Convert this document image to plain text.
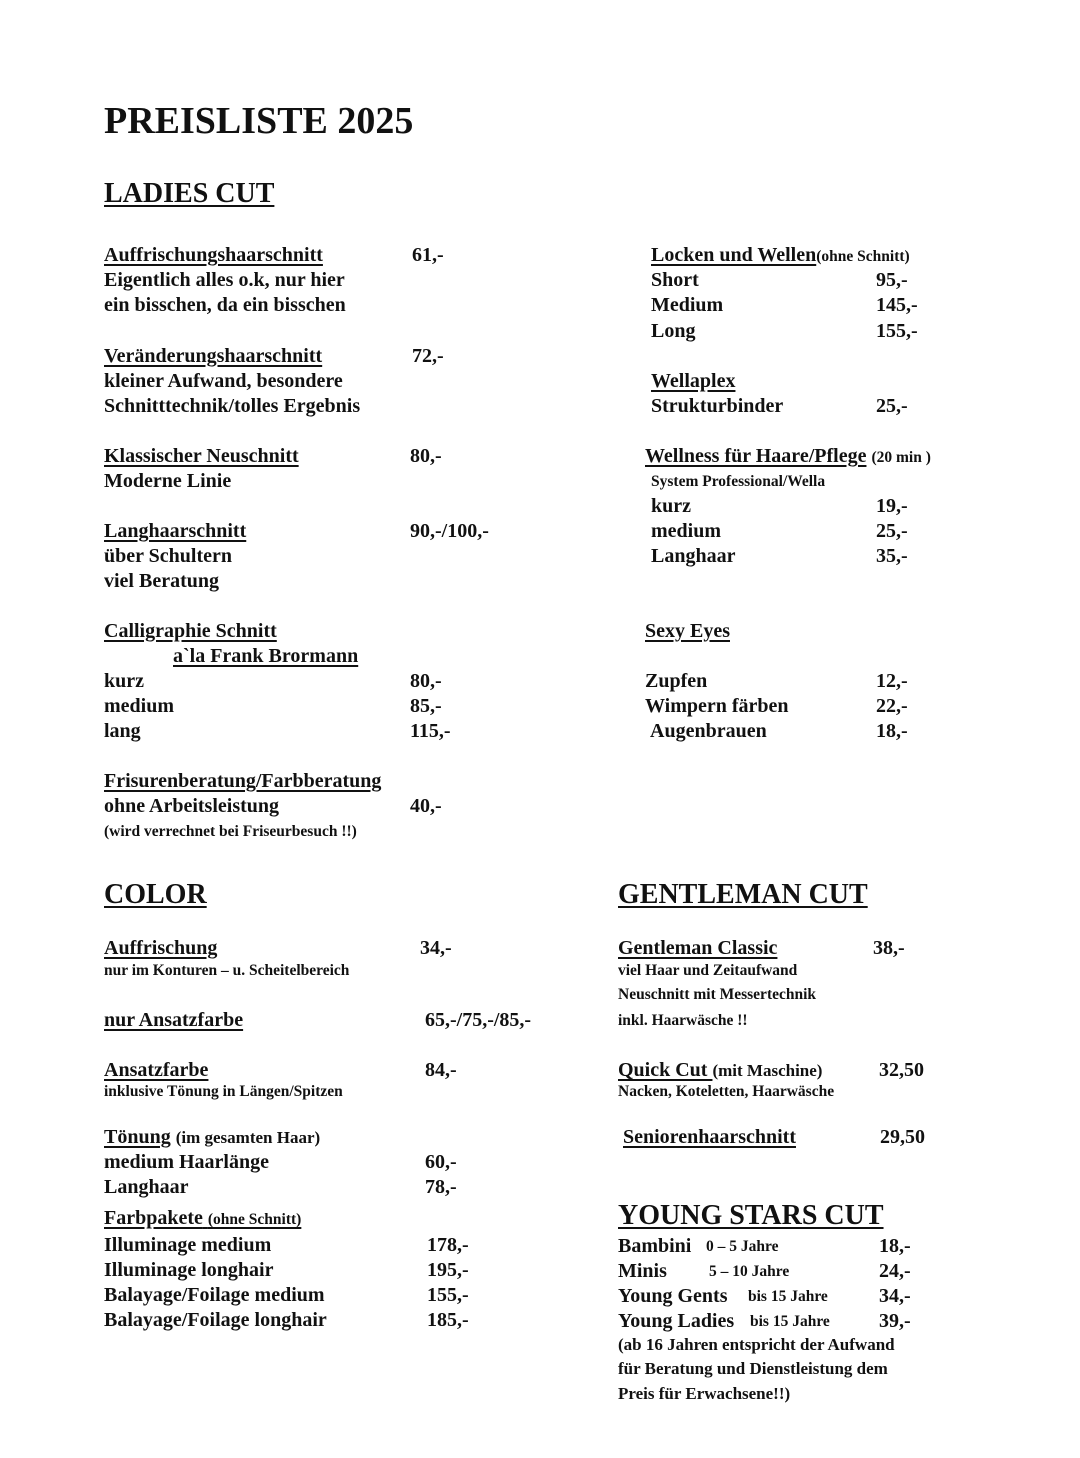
PREISLISTE 2025
LADIES CUT
Auffrischungshaarschnitt	61,-
Eigentlich alles o.k, nur hier
ein bisschen, da ein bisschen
Veränderungshaarschnitt	72,-
kleiner Aufwand, besondere
Schnitttechnik/tolles Ergebnis
Klassischer Neuschnitt	80,-
Moderne Linie
Langhaarschnitt	90,-/100,-
über Schultern
viel Beratung
Calligraphie Schnitt
a`la Frank Brormann
kurz	80,-
medium	85,-
lang	115,-
Frisurenberatung/Farbberatung
ohne Arbeitsleistung	40,-
(wird verrechnet bei Friseurbesuch !!)
Locken und Wellen(ohne Schnitt)
Short	95,-
Medium	145,-
Long	155,-
Wellaplex
Strukturbinder	25,-
Wellness für Haare/Pflege (20 min )
System Professional/Wella
kurz	19,-
medium	25,-
Langhaar	35,-
Sexy Eyes
Zupfen	12,-
Wimpern färben	22,-
Augenbrauen	18,-
COLOR
Auffrischung	34,-
nur im Konturen – u. Scheitelbereich
nur Ansatzfarbe	65,-/75,-/85,-
Ansatzfarbe	84,-
inklusive Tönung in Längen/Spitzen
Tönung (im gesamten Haar)
medium Haarlänge	60,-
Langhaar	78,-
Farbpakete (ohne Schnitt)
Illuminage medium	178,-
Illuminage longhair	195,-
Balayage/Foilage medium	155,-
Balayage/Foilage longhair	185,-
GENTLEMAN CUT
Gentleman Classic	38,-
viel Haar und Zeitaufwand
Neuschnitt mit Messertechnik
inkl. Haarwäsche !!
Quick Cut (mit Maschine)	32,50
Nacken, Koteletten, Haarwäsche
Seniorenhaarschnitt	29,50
YOUNG STARS CUT
Bambini 0 – 5 Jahre	18,-
Minis	5 – 10 Jahre	24,-
Young Gents bis 15 Jahre	34,-
Young Ladies bis 15 Jahre 39,-
(ab 16 Jahren entspricht der Aufwand
für Beratung und Dienstleistung dem
Preis für Erwachsene!!)
